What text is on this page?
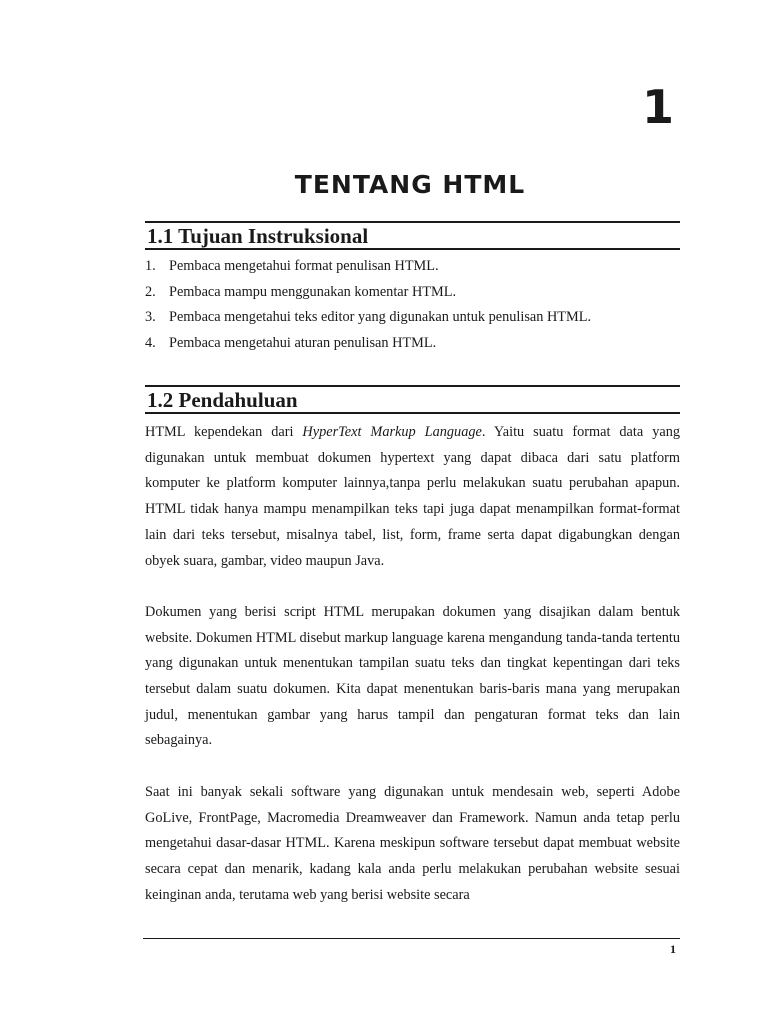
1
TENTANG HTML
1.1 Tujuan Instruksional
1. Pembaca mengetahui format penulisan HTML.
2. Pembaca mampu menggunakan komentar HTML.
3. Pembaca mengetahui teks editor yang digunakan untuk penulisan HTML.
4. Pembaca mengetahui aturan penulisan HTML.
1.2 Pendahuluan

HTML kependekan dari HyperText Markup Language. Yaitu suatu format data yang digunakan untuk membuat dokumen hypertext yang dapat dibaca dari satu platform komputer ke platform komputer lainnya,tanpa perlu melakukan suatu perubahan apapun. HTML tidak hanya mampu menampilkan teks tapi juga dapat menampilkan format-format lain dari teks tersebut, misalnya tabel, list, form, frame serta dapat digabungkan dengan obyek suara, gambar, video maupun Java.

Dokumen yang berisi script HTML merupakan dokumen yang disajikan dalam bentuk website. Dokumen HTML disebut markup language karena mengandung tanda-tanda tertentu yang digunakan untuk menentukan tampilan suatu teks dan tingkat kepentingan dari teks tersebut dalam suatu dokumen. Kita dapat menentukan baris-baris mana yang merupakan judul, menentukan gambar yang harus tampil dan pengaturan format teks dan lain sebagainya.

Saat ini banyak sekali software yang digunakan untuk mendesain web, seperti Adobe GoLive, FrontPage, Macromedia Dreamweaver dan Framework. Namun anda tetap perlu mengetahui dasar-dasar HTML. Karena meskipun software tersebut dapat membuat website secara cepat dan menarik, kadang kala anda perlu melakukan perubahan website sesuai keinginan anda, terutama web yang berisi website secara

1
